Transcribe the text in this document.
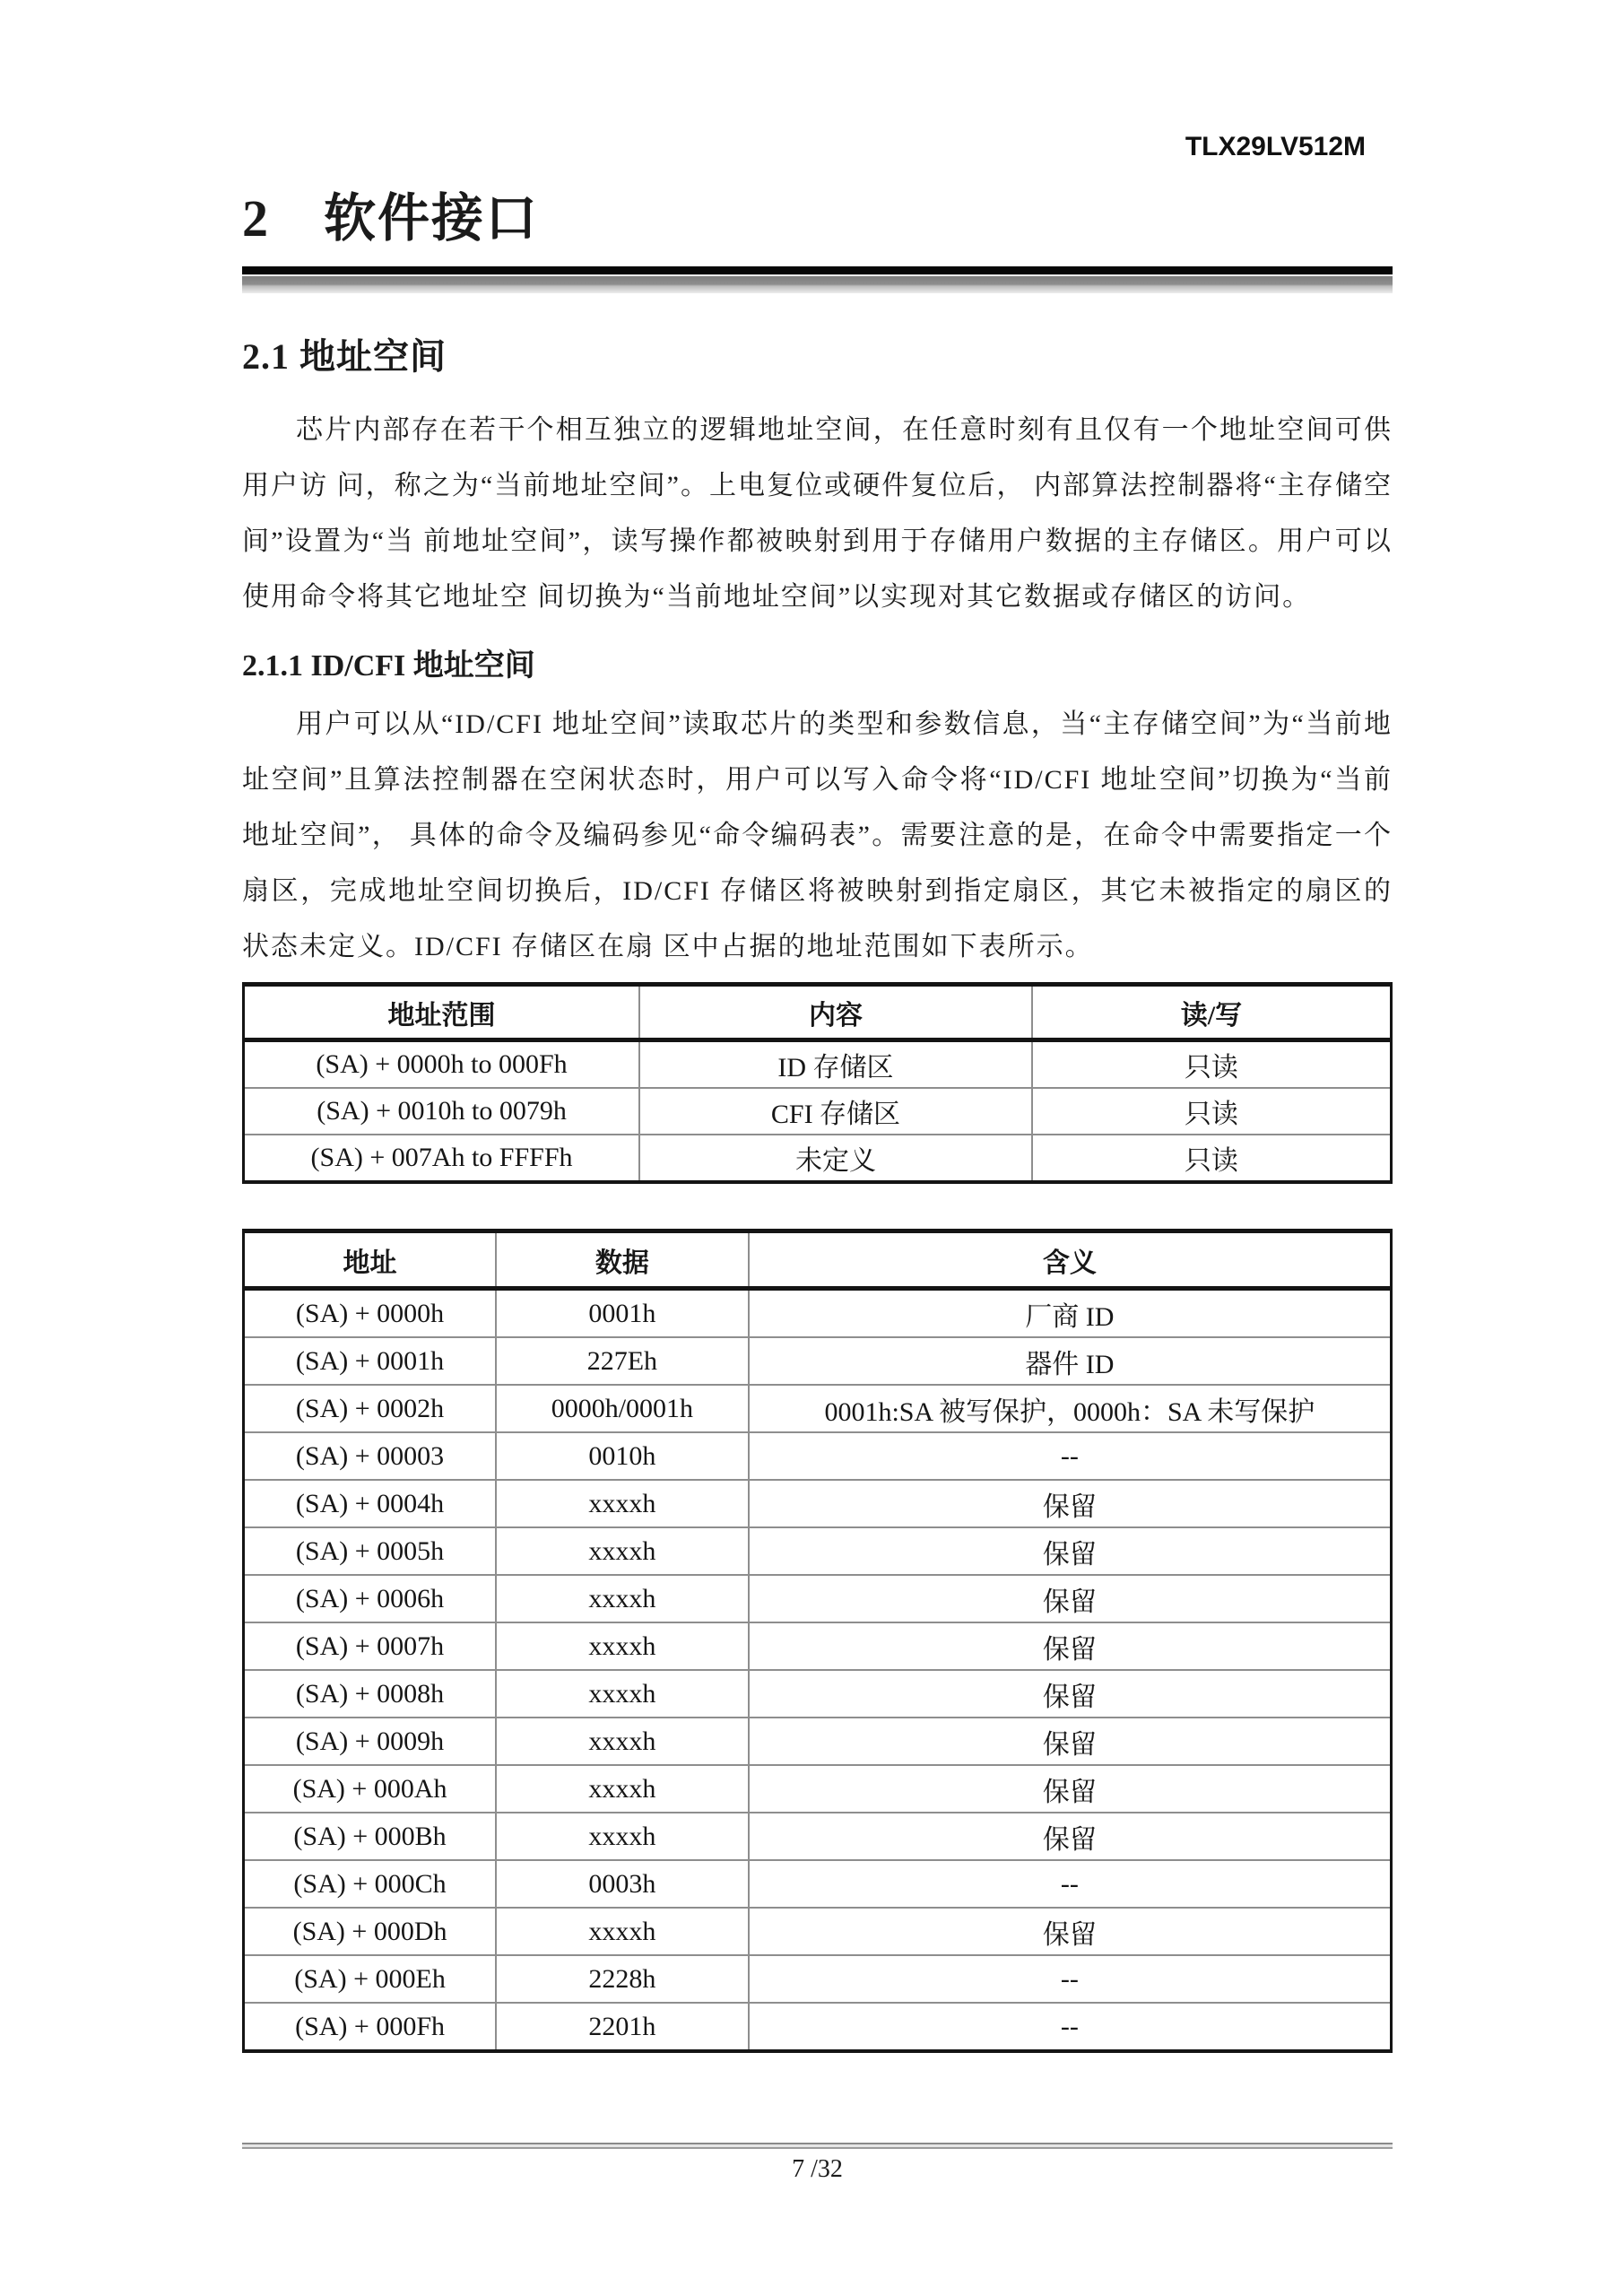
TLX29LV512M
2　软件接口
2.1 地址空间

芯片内部存在若干个相互独立的逻辑地址空间，在任意时刻有且仅有一个地址空间可供用户访 问，称之为“当前地址空间”。上电复位或硬件复位后， 内部算法控制器将“主存储空间”设置为“当 前地址空间”，读写操作都被映射到用于存储用户数据的主存储区。用户可以使用命令将其它地址空 间切换为“当前地址空间”以实现对其它数据或存储区的访问。

2.1.1 ID/CFI 地址空间

用户可以从“ID/CFI 地址空间”读取芯片的类型和参数信息，当“主存储空间”为“当前地址空间”且算法控制器在空闲状态时，用户可以写入命令将“ID/CFI 地址空间”切换为“当前地址空间”， 具体的命令及编码参见“命令编码表”。需要注意的是，在命令中需要指定一个扇区，完成地址空间切换后，ID/CFI 存储区将被映射到指定扇区，其它未被指定的扇区的状态未定义。ID/CFI 存储区在扇 区中占据的地址范围如下表所示。

地址范围	内容	读/写
(SA) + 0000h to 000Fh	ID 存储区	只读
(SA) + 0010h to 0079h	CFI 存储区	只读
(SA) + 007Ah to FFFFh	未定义	只读
地址	数据	含义
(SA) + 0000h	0001h	厂商 ID
(SA) + 0001h	227Eh	器件 ID
(SA) + 0002h	0000h/0001h	0001h:SA 被写保护，0000h：SA 未写保护
(SA) + 00003	0010h	--
(SA) + 0004h	xxxxh	保留
(SA) + 0005h	xxxxh	保留
(SA) + 0006h	xxxxh	保留
(SA) + 0007h	xxxxh	保留
(SA) + 0008h	xxxxh	保留
(SA) + 0009h	xxxxh	保留
(SA) + 000Ah	xxxxh	保留
(SA) + 000Bh	xxxxh	保留
(SA) + 000Ch	0003h	--
(SA) + 000Dh	xxxxh	保留
(SA) + 000Eh	2228h	--
(SA) + 000Fh	2201h	--
7 /32
